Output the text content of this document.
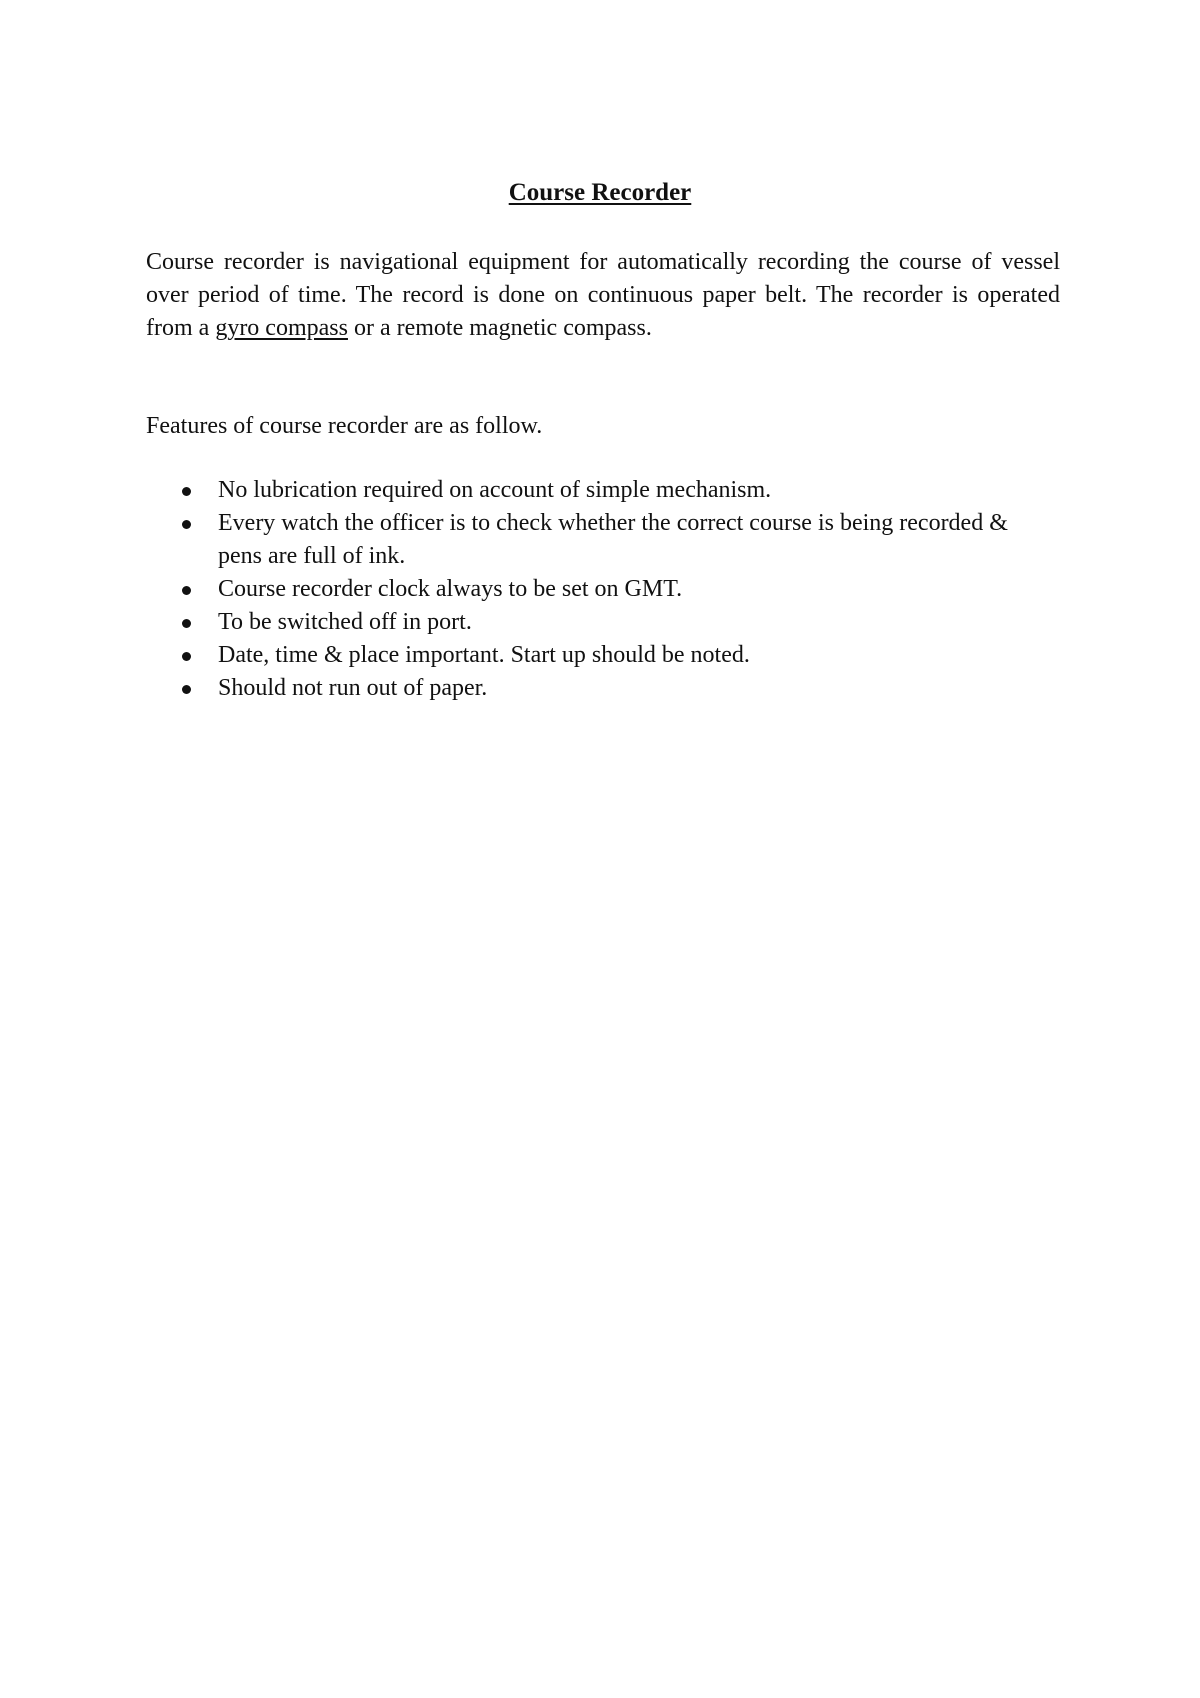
Course Recorder

Course recorder is navigational equipment for automatically recording the course of vessel over period of time. The record is done on continuous paper belt. The recorder is operated from a gyro compass or a remote magnetic compass.

Features of course recorder are as follow.

No lubrication required on account of simple mechanism.
Every watch the officer is to check whether the correct course is being recorded & pens are full of ink.
Course recorder clock always to be set on GMT.
To be switched off in port.
Date, time & place important. Start up should be noted.
Should not run out of paper.
